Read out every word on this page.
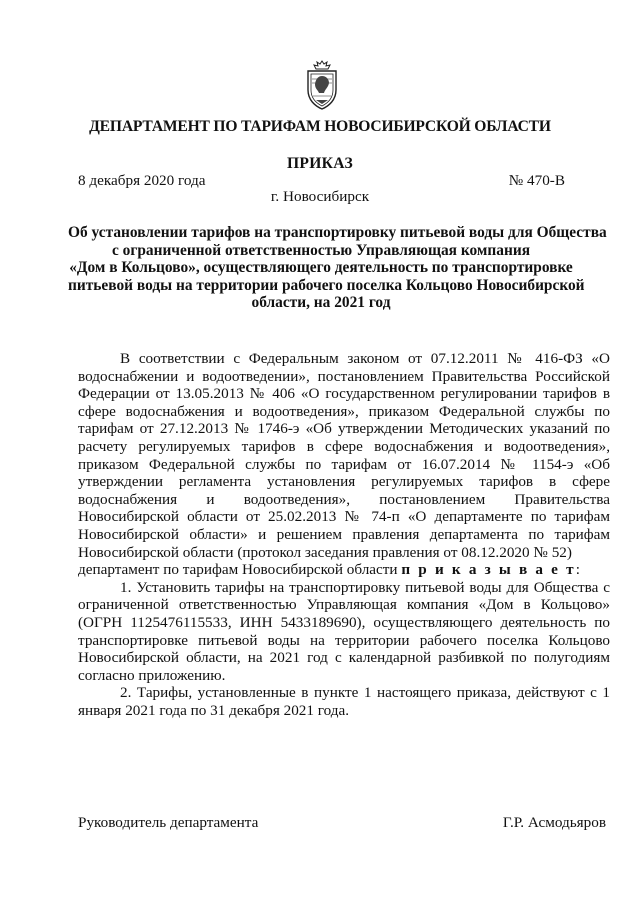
ДЕПАРТАМЕНТ ПО ТАРИФАМ НОВОСИБИРСКОЙ ОБЛАСТИ
ПРИКАЗ
8 декабря 2020 года	№ 470-В
г. Новосибирск
Об установлении тарифов на транспортировку питьевой воды для Общества
с ограниченной ответственностью Управляющая компания
«Дом в Кольцово», осуществляющего деятельность по транспортировке
питьевой воды на территории рабочего поселка Кольцово Новосибирской
области, на 2021 год

В соответствии с Федеральным законом от 07.12.2011 № 416-ФЗ «О водоснабжении и водоотведении», постановлением Правительства Российской Федерации от 13.05.2013 № 406 «О государственном регулировании тарифов в сфере водоснабжения и водоотведения», приказом Федеральной службы по тарифам от 27.12.2013 № 1746-э «Об утверждении Методических указаний по расчету регулируемых тарифов в сфере водоснабжения и водоотведения», приказом Федеральной службы по тарифам от 16.07.2014 № 1154-э «Об утверждении регламента установления регулируемых тарифов в сфере водоснабжения и водоотведения», постановлением Правительства Новосибирской области от 25.02.2013 № 74-п «О департаменте по тарифам Новосибирской области» и решением правления департамента по тарифам Новосибирской области (протокол заседания правления от 08.12.2020 № 52)

департамент по тарифам Новосибирской области п р и к а з ы в а е т:

1. Установить тарифы на транспортировку питьевой воды для Общества с ограниченной ответственностью Управляющая компания «Дом в Кольцово» (ОГРН 1125476115533, ИНН 5433189690), осуществляющего деятельность по транспортировке питьевой воды на территории рабочего поселка Кольцово Новосибирской области, на 2021 год с календарной разбивкой по полугодиям согласно приложению.

2. Тарифы, установленные в пункте 1 настоящего приказа, действуют с 1 января 2021 года по 31 декабря 2021 года.

Руководитель департамента	Г.Р. Асмодьяров
